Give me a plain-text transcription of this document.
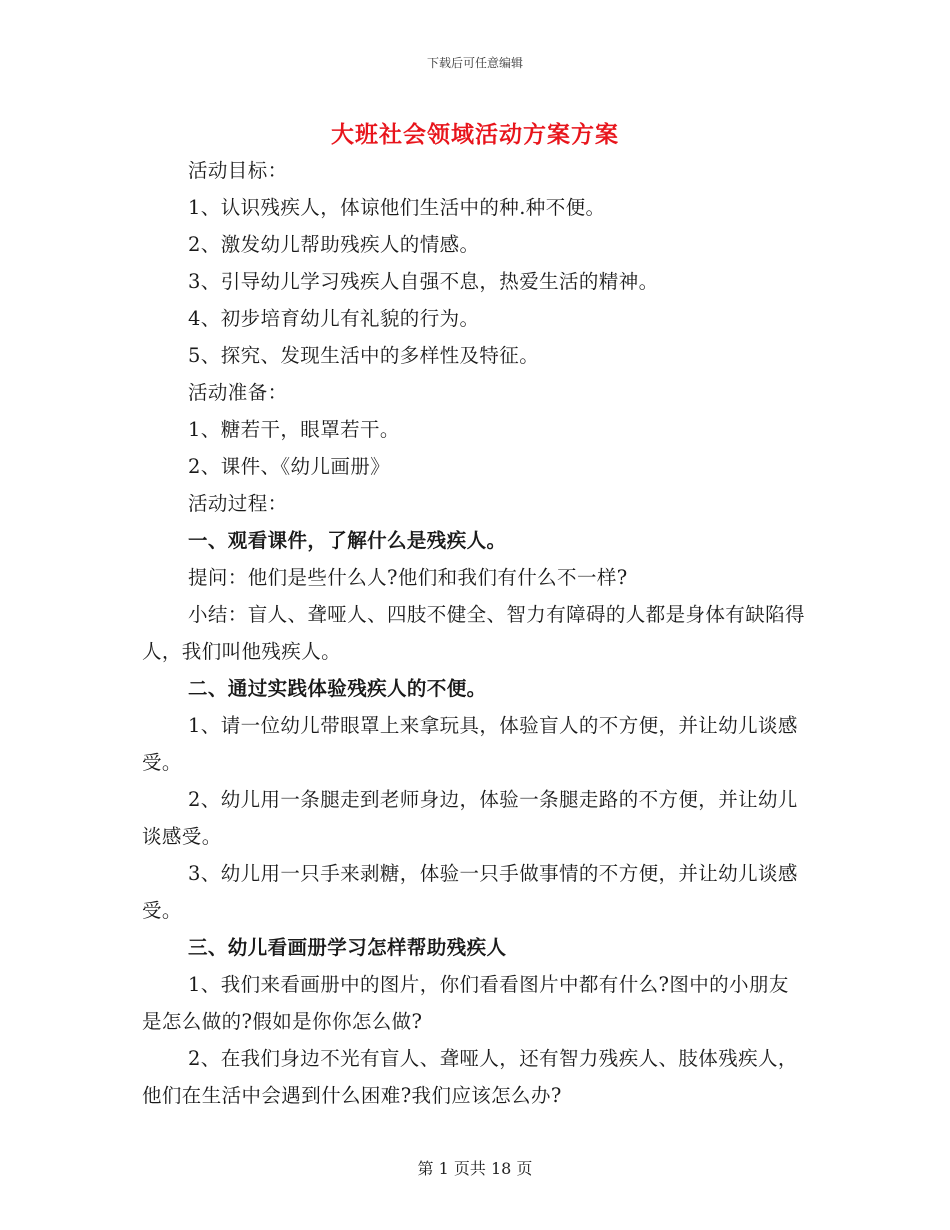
下载后可任意编辑
大班社会领域活动方案方案

活动目标：

1、认识残疾人，体谅他们生活中的种.种不便。

2、激发幼儿帮助残疾人的情感。

3、引导幼儿学习残疾人自强不息，热爱生活的精神。

4、初步培育幼儿有礼貌的行为。

5、探究、发现生活中的多样性及特征。

活动准备：

1、糖若干，眼罩若干。

2、课件、《幼儿画册》

活动过程：

一、观看课件，了解什么是残疾人。

提问：他们是些什么人?他们和我们有什么不一样?

小结：盲人、聋哑人、四肢不健全、智力有障碍的人都是身体有缺陷得人，我们叫他残疾人。

二、通过实践体验残疾人的不便。

1、请一位幼儿带眼罩上来拿玩具，体验盲人的不方便，并让幼儿谈感受。

2、幼儿用一条腿走到老师身边，体验一条腿走路的不方便，并让幼儿谈感受。

3、幼儿用一只手来剥糖，体验一只手做事情的不方便，并让幼儿谈感受。

三、幼儿看画册学习怎样帮助残疾人

1、我们来看画册中的图片，你们看看图片中都有什么?图中的小朋友是怎么做的?假如是你你怎么做?

2、在我们身边不光有盲人、聋哑人，还有智力残疾人、肢体残疾人，他们在生活中会遇到什么困难?我们应该怎么办?

第 1 页共 18 页
